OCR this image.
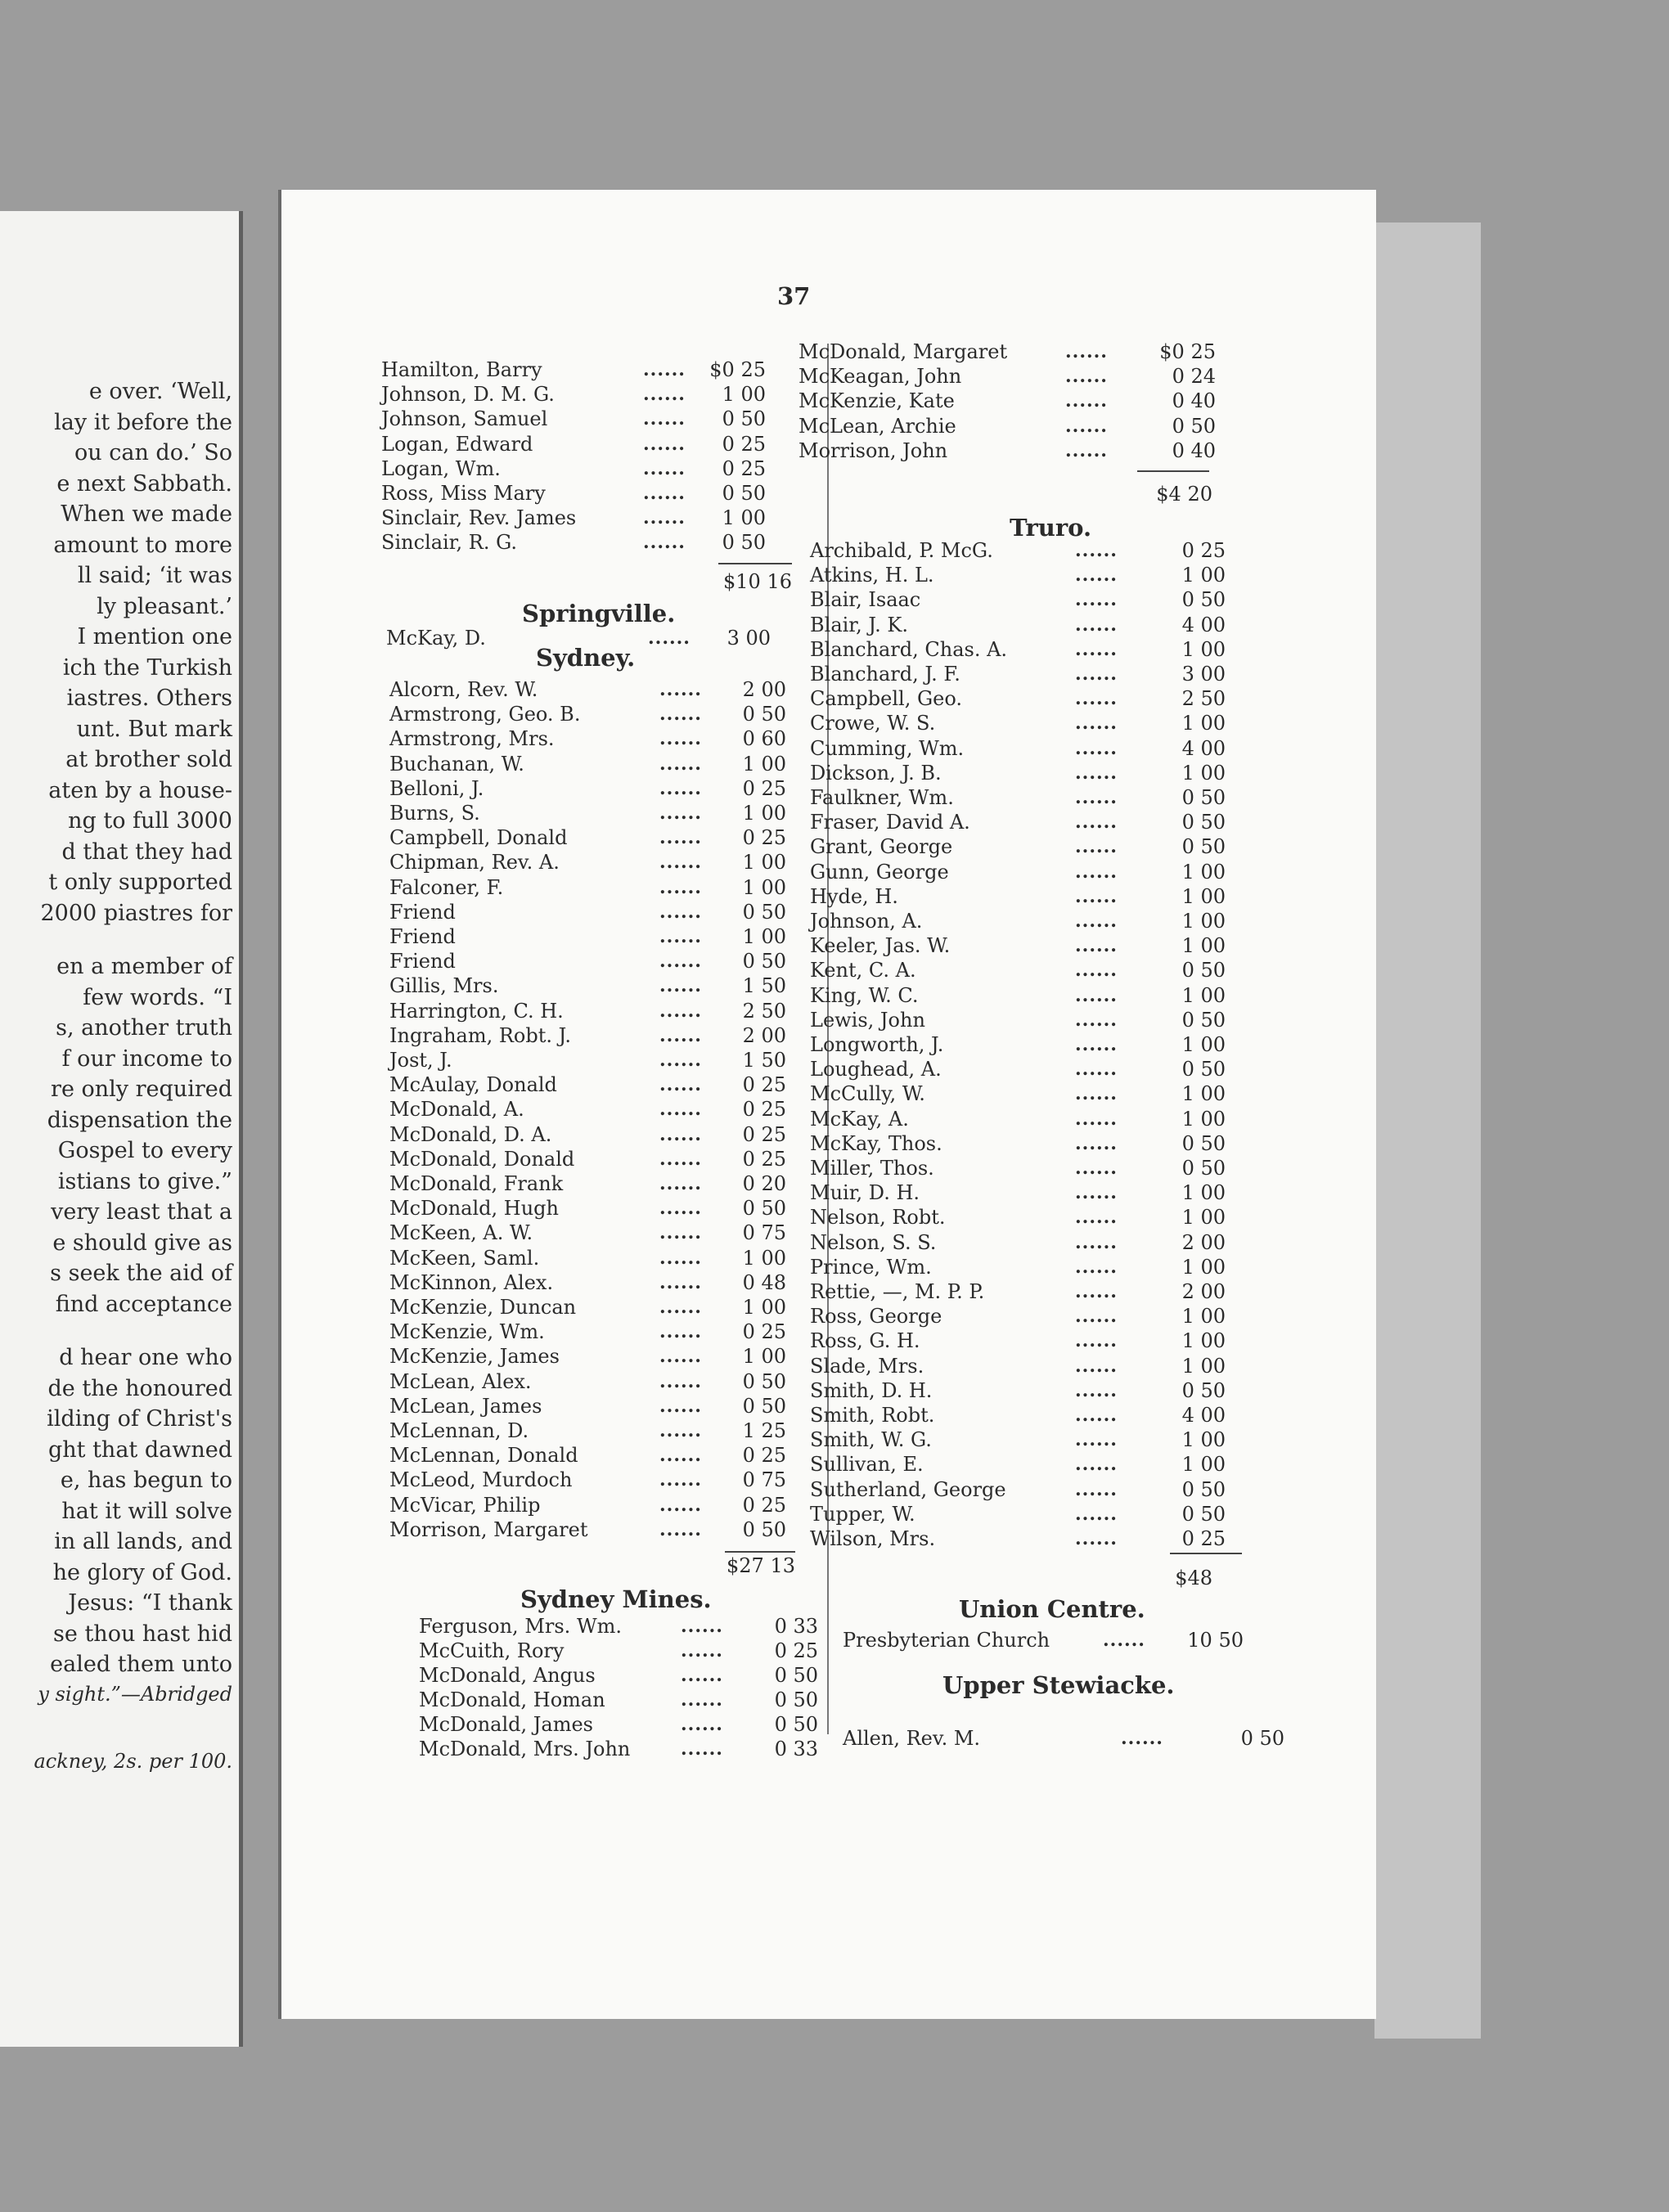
e over. ‘Well,
lay it before the
ou can do.’ So
e next Sabbath.
When we made
amount to more
ll said; ‘it was
ly pleasant.’
I mention one
ich the Turkish
iastres. Others
unt. But mark
at brother sold
aten by a house-
ng to full 3000
d that they had
t only supported
2000 piastres for
en a member of
few words. “I
s, another truth
f our income to
re only required
dispensation the
Gospel to every
istians to give.”
very least that a
e should give as
s seek the aid of
find acceptance
d hear one who
de the honoured
ilding of Christ's
ght that dawned
e, has begun to
hat it will solve
in all lands, and
he glory of God.
Jesus: “I thank
se thou hast hid
ealed them unto
y sight.”—Abridged
ackney, 2s. per 100.
37
Hamilton, Barry	......	$0 25
Johnson, D. M. G.	......	1 00
Johnson, Samuel	......	0 50
Logan, Edward	......	0 25
Logan, Wm.	......	0 25
Ross, Miss Mary	......	0 50
Sinclair, Rev. James	......	1 00
Sinclair, R. G.	......	0 50
$10 16
Springville.
McKay, D.	......	3 00
Sydney.
Alcorn, Rev. W.	......	2 00
Armstrong, Geo. B.	......	0 50
Armstrong, Mrs.	......	0 60
Buchanan, W.	......	1 00
Belloni, J.	......	0 25
Burns, S.	......	1 00
Campbell, Donald	......	0 25
Chipman, Rev. A.	......	1 00
Falconer, F.	......	1 00
Friend	......	0 50
Friend	......	1 00
Friend	......	0 50
Gillis, Mrs.	......	1 50
Harrington, C. H.	......	2 50
Ingraham, Robt. J.	......	2 00
Jost, J.	......	1 50
McAulay, Donald	......	0 25
McDonald, A.	......	0 25
McDonald, D. A.	......	0 25
McDonald, Donald	......	0 25
McDonald, Frank	......	0 20
McDonald, Hugh	......	0 50
McKeen, A. W.	......	0 75
McKeen, Saml.	......	1 00
McKinnon, Alex.	......	0 48
McKenzie, Duncan	......	1 00
McKenzie, Wm.	......	0 25
McKenzie, James	......	1 00
McLean, Alex.	......	0 50
McLean, James	......	0 50
McLennan, D.	......	1 25
McLennan, Donald	......	0 25
McLeod, Murdoch	......	0 75
McVicar, Philip	......	0 25
Morrison, Margaret	......	0 50
$27 13
Sydney Mines.
Ferguson, Mrs. Wm.	......	0 33
McCuith, Rory	......	0 25
McDonald, Angus	......	0 50
McDonald, Homan	......	0 50
McDonald, James	......	0 50
McDonald, Mrs. John	......	0 33
McDonald, Margaret	......	$0 25
McKeagan, John	......	0 24
McKenzie, Kate	......	0 40
McLean, Archie	......	0 50
Morrison, John	......	0 40
$4 20
Truro.
Archibald, P. McG.	......	0 25
Atkins, H. L.	......	1 00
Blair, Isaac	......	0 50
Blair, J. K.	......	4 00
Blanchard, Chas. A.	......	1 00
Blanchard, J. F.	......	3 00
Campbell, Geo.	......	2 50
Crowe, W. S.	......	1 00
Cumming, Wm.	......	4 00
Dickson, J. B.	......	1 00
Faulkner, Wm.	......	0 50
Fraser, David A.	......	0 50
Grant, George	......	0 50
Gunn, George	......	1 00
Hyde, H.	......	1 00
Johnson, A.	......	1 00
Keeler, Jas. W.	......	1 00
Kent, C. A.	......	0 50
King, W. C.	......	1 00
Lewis, John	......	0 50
Longworth, J.	......	1 00
Loughead, A.	......	0 50
McCully, W.	......	1 00
McKay, A.	......	1 00
McKay, Thos.	......	0 50
Miller, Thos.	......	0 50
Muir, D. H.	......	1 00
Nelson, Robt.	......	1 00
Nelson, S. S.	......	2 00
Prince, Wm.	......	1 00
Rettie, —, M. P. P.	......	2 00
Ross, George	......	1 00
Ross, G. H.	......	1 00
Slade, Mrs.	......	1 00
Smith, D. H.	......	0 50
Smith, Robt.	......	4 00
Smith, W. G.	......	1 00
Sullivan, E.	......	1 00
Sutherland, George	......	0 50
Tupper, W.	......	0 50
Wilson, Mrs.	......	0 25
$48
Union Centre.
Presbyterian Church	......	10 50
Upper Stewiacke.
Allen, Rev. M.	......	0 50
